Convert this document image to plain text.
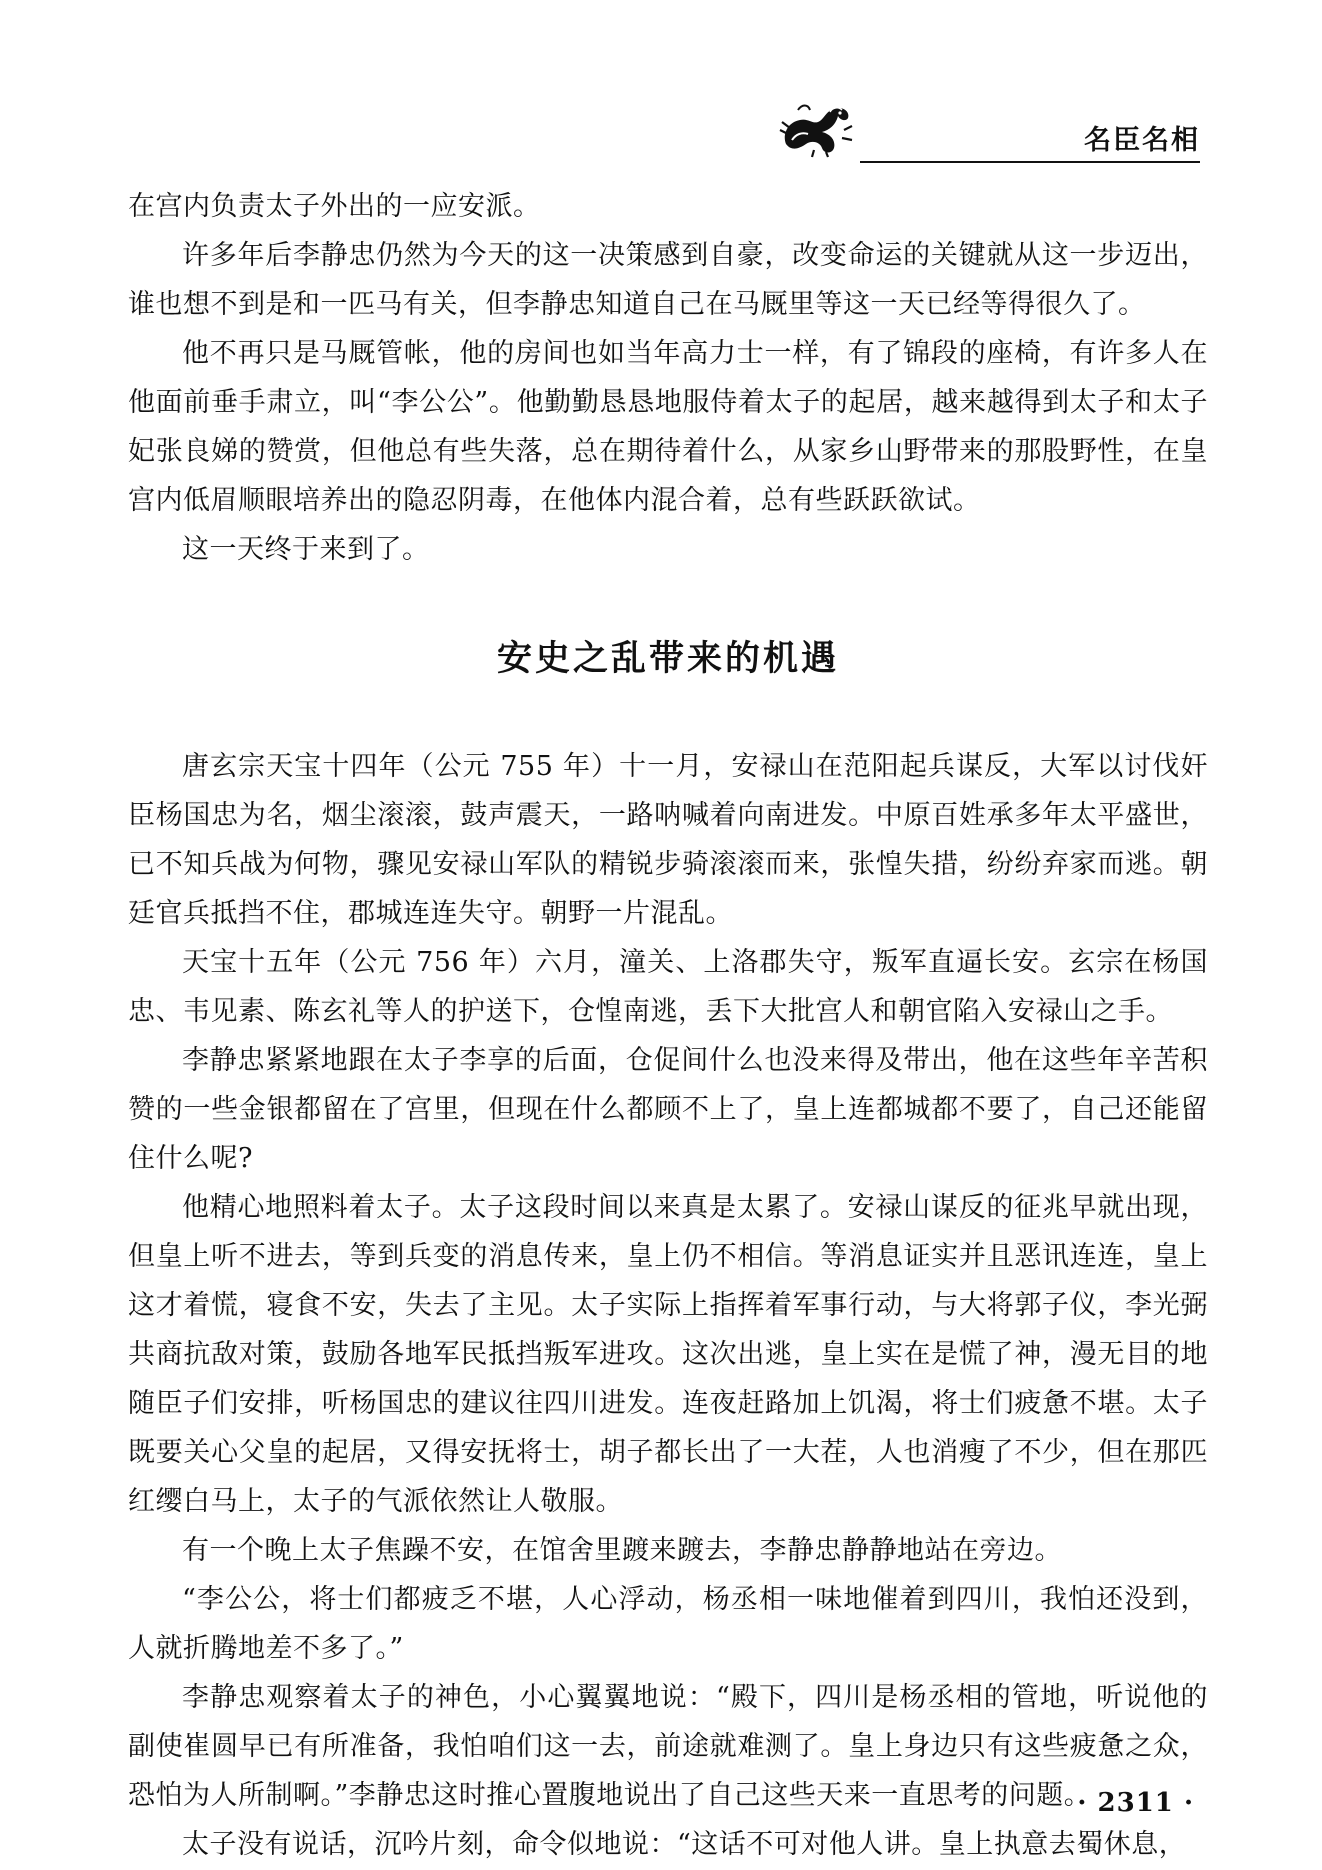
名臣名相

在宫内负责太子外出的一应安派。

许多年后李静忠仍然为今天的这一决策感到自豪，改变命运的关键就从这一步迈出，谁也想不到是和一匹马有关，但李静忠知道自己在马厩里等这一天已经等得很久了。

他不再只是马厩管帐，他的房间也如当年高力士一样，有了锦段的座椅，有许多人在他面前垂手肃立，叫“李公公”。他勤勤恳恳地服侍着太子的起居，越来越得到太子和太子妃张良娣的赞赏，但他总有些失落，总在期待着什么，从家乡山野带来的那股野性，在皇宫内低眉顺眼培养出的隐忍阴毒，在他体内混合着，总有些跃跃欲试。

这一天终于来到了。

安史之乱带来的机遇

唐玄宗天宝十四年（公元 755 年）十一月，安禄山在范阳起兵谋反，大军以讨伐奸臣杨国忠为名，烟尘滚滚，鼓声震天，一路呐喊着向南进发。中原百姓承多年太平盛世，已不知兵战为何物，骤见安禄山军队的精锐步骑滚滚而来，张惶失措，纷纷弃家而逃。朝廷官兵抵挡不住，郡城连连失守。朝野一片混乱。

天宝十五年（公元 756 年）六月，潼关、上洛郡失守，叛军直逼长安。玄宗在杨国忠、韦见素、陈玄礼等人的护送下，仓惶南逃，丢下大批宫人和朝官陷入安禄山之手。

李静忠紧紧地跟在太子李享的后面，仓促间什么也没来得及带出，他在这些年辛苦积赞的一些金银都留在了宫里，但现在什么都顾不上了，皇上连都城都不要了，自己还能留住什么呢?

他精心地照料着太子。太子这段时间以来真是太累了。安禄山谋反的征兆早就出现，但皇上听不进去，等到兵变的消息传来，皇上仍不相信。等消息证实并且恶讯连连，皇上这才着慌，寝食不安，失去了主见。太子实际上指挥着军事行动，与大将郭子仪，李光弼共商抗敌对策，鼓励各地军民抵挡叛军进攻。这次出逃，皇上实在是慌了神，漫无目的地随臣子们安排，听杨国忠的建议往四川进发。连夜赶路加上饥渴，将士们疲惫不堪。太子既要关心父皇的起居，又得安抚将士，胡子都长出了一大茬，人也消瘦了不少，但在那匹红缨白马上，太子的气派依然让人敬服。

有一个晚上太子焦躁不安，在馆舍里踱来踱去，李静忠静静地站在旁边。

“李公公，将士们都疲乏不堪，人心浮动，杨丞相一味地催着到四川，我怕还没到，人就折腾地差不多了。”

李静忠观察着太子的神色，小心翼翼地说：“殿下，四川是杨丞相的管地，听说他的副使崔圆早已有所准备，我怕咱们这一去，前途就难测了。皇上身边只有这些疲惫之众，恐怕为人所制啊。”李静忠这时推心置腹地说出了自己这些天来一直思考的问题。

太子没有说话，沉吟片刻，命令似地说：“这话不可对他人讲。皇上执意去蜀休息，

· 2311 ·
